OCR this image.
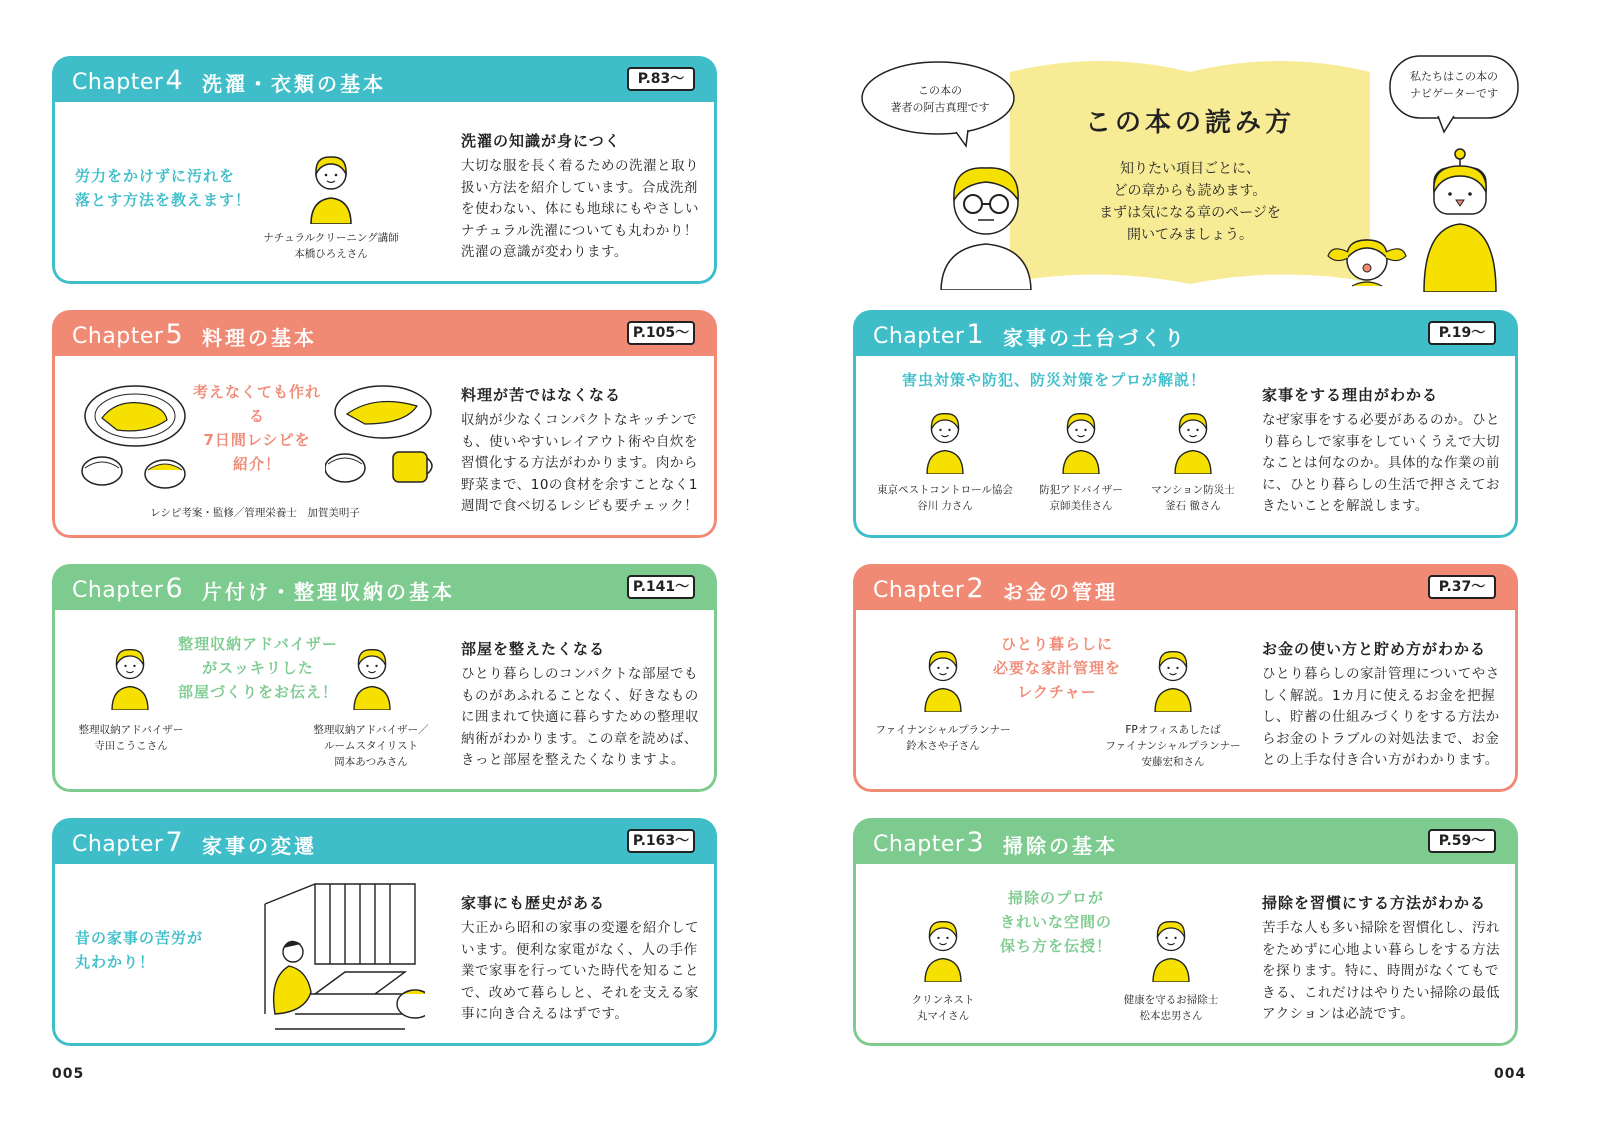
Chapter4 洗濯・衣類の基本	P.83～
労力をかけずに汚れを
落とす方法を教えます！
ナチュラルクリーニング講師
本橋ひろえさん
洗濯の知識が身につく
大切な服を長く着るための洗濯と取り扱い方法を紹介しています。合成洗剤を使わない、体にも地球にもやさしいナチュラル洗濯についても丸わかり！ 洗濯の意識が変わります。
Chapter5 料理の基本	P.105～
考えなくても作れる
7日間レシピを
紹介！
レシピ考案・監修／管理栄養士　加賀美明子
料理が苦ではなくなる
収納が少なくコンパクトなキッチンでも、使いやすいレイアウト術や自炊を習慣化する方法がわかります。肉から野菜まで、10の食材を余すことなく1週間で食べ切るレシピも要チェック！
Chapter6 片付け・整理収納の基本	P.141～
整理収納アドバイザー
寺田こうこさん
整理収納アドバイザー
がスッキリした
部屋づくりをお伝え！
整理収納アドバイザー／
ルームスタイリスト
岡本あつみさん
部屋を整えたくなる
ひとり暮らしのコンパクトな部屋でもものがあふれることなく、好きなものに囲まれて快適に暮らすための整理収納術がわかります。この章を読めば、きっと部屋を整えたくなりますよ。
Chapter7 家事の変遷	P.163～
昔の家事の苦労が
丸わかり！
家事にも歴史がある
大正から昭和の家事の変遷を紹介しています。便利な家電がなく、人の手作業で家事を行っていた時代を知ることで、改めて暮らしと、それを支える家事に向き合えるはずです。
005
この本の読み方
知りたい項目ごとに、
どの章からも読めます。
まずは気になる章のページを
開いてみましょう。
この本の
著者の阿古真理です
私たちはこの本の
ナビゲーターです
Chapter1 家事の土台づくり	P.19～
害虫対策や防犯、防災対策をプロが解説！
東京ペストコントロール協会
谷川 力さん
防犯アドバイザー
京師美佳さん
マンション防災士
釜石 徹さん
家事をする理由がわかる
なぜ家事をする必要があるのか。ひとり暮らしで家事をしていくうえで大切なことは何なのか。具体的な作業の前に、ひとり暮らしの生活で押さえておきたいことを解説します。
Chapter2 お金の管理	P.37～
ファイナンシャルプランナー
鈴木さや子さん
ひとり暮らしに
必要な家計管理を
レクチャー
FPオフィスあしたば
ファイナンシャルプランナー
安藤宏和さん
お金の使い方と貯め方がわかる
ひとり暮らしの家計管理についてやさしく解説。1カ月に使えるお金を把握し、貯蓄の仕組みづくりをする方法からお金のトラブルの対処法まで、お金との上手な付き合い方がわかります。
Chapter3 掃除の基本	P.59～
クリンネスト
丸マイさん
掃除のプロが
きれいな空間の
保ち方を伝授！
健康を守るお掃除士
松本忠男さん
掃除を習慣にする方法がわかる
苦手な人も多い掃除を習慣化し、汚れをためずに心地よい暮らしをする方法を探ります。特に、時間がなくてもできる、これだけはやりたい掃除の最低アクションは必読です。
004
